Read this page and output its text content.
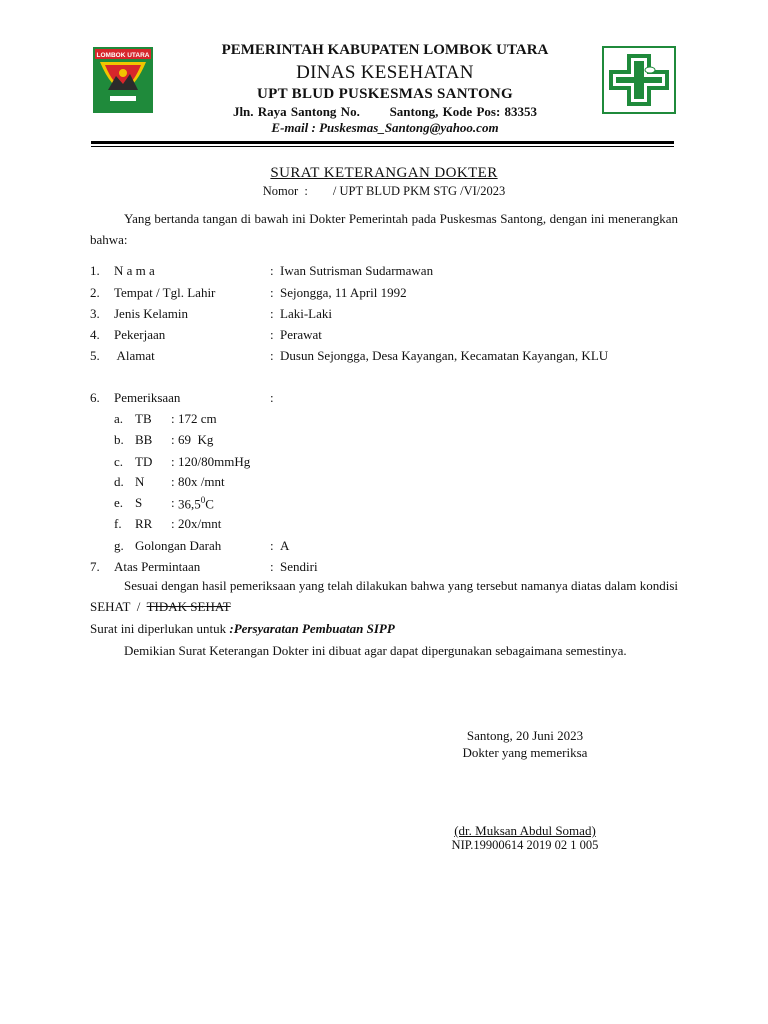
LOMBOK UTARA	PEMERINTAH KABUPATEN LOMBOK UTARA
DINAS KESEHATAN
UPT BLUD PUSKESMAS SANTONG
Jln. Raya Santong No.       Santong, Kode Pos: 83353
E-mail : Puskesmas_Santong@yahoo.com
SURAT KETERANGAN DOKTER
Nomor  :        / UPT BLUD PKM STG /VI/2023
Yang bertanda tangan di bawah ini Dokter Pemerintah pada Puskesmas Santong, dengan ini menerangkan bahwa:
1. N a m a	: Iwan Sutrisman Sudarmawan
2. Tempat / Tgl. Lahir	: Sejongga, 11 April 1992
3. Jenis Kelamin	: Laki-Laki
4. Pekerjaan	: Perawat
5. Alamat	: Dusun Sejongga, Desa Kayangan, Kecamatan Kayangan, KLU
6. Pemeriksaan	:
a. TB : 172 cm
b. BB : 69  Kg
c. TD : 120/80mmHg
d. N : 80x /mnt
e. S : 36,5$^0$C
f. RR : 20x/mnt
g. Golongan Darah	: A
7. Atas Permintaan	: Sendiri
Sesuai dengan hasil pemeriksaan yang telah dilakukan bahwa yang tersebut namanya diatas dalam kondisi  SEHAT  /  TIDAK SEHAT
Surat ini diperlukan untuk :Persyaratan Pembuatan SIPP
Demikian Surat Keterangan Dokter ini dibuat agar dapat dipergunakan sebagaimana semestinya.
Santong, 20 Juni 2023
Dokter yang memeriksa
(dr. Muksan Abdul Somad)
NIP.19900614 2019 02 1 005
